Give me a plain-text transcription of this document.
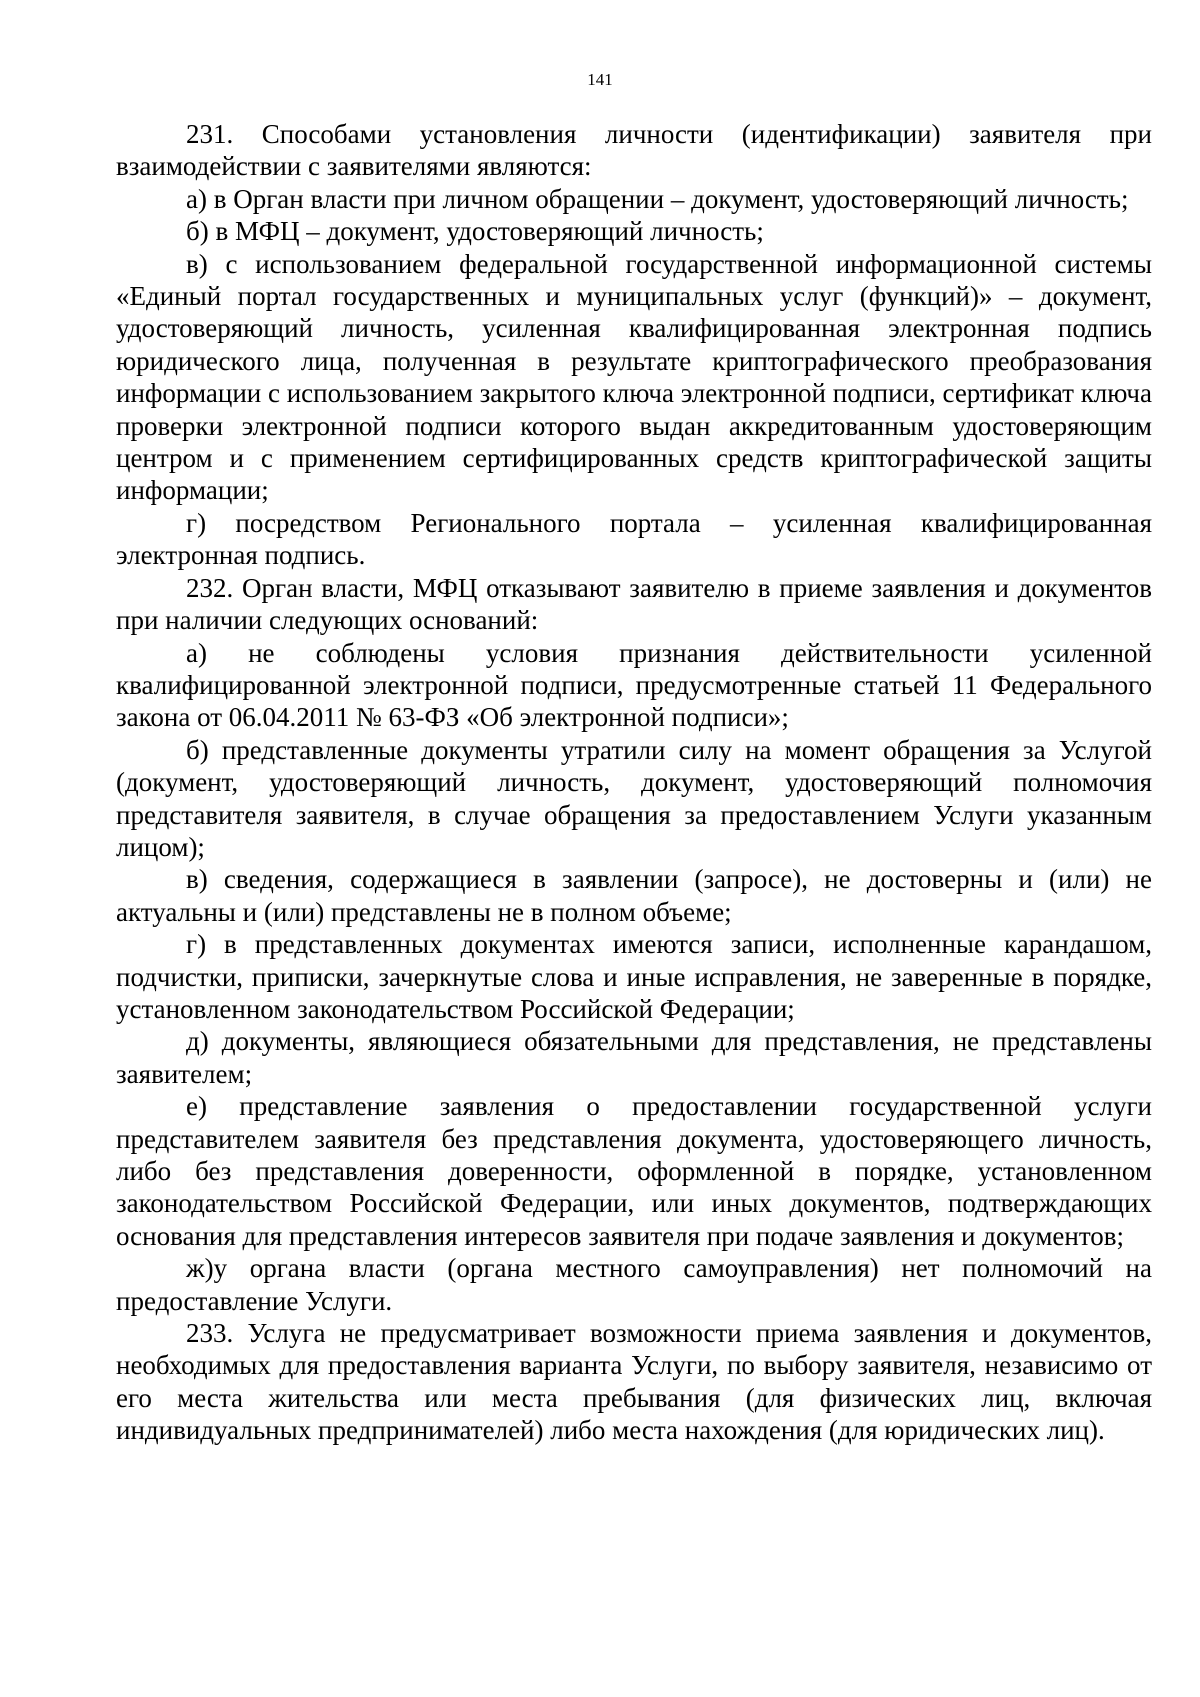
141

231. Способами установления личности (идентификации) заявителя при взаимодействии с заявителями являются:

а) в Орган власти при личном обращении – документ, удостоверяющий личность;

б) в МФЦ – документ, удостоверяющий личность;

в) с использованием федеральной государственной информационной системы «Единый портал государственных и муниципальных услуг (функций)» – документ, удостоверяющий личность, усиленная квалифицированная электронная подпись юридического лица, полученная в результате криптографического преобразования информации с использованием закрытого ключа электронной подписи, сертификат ключа проверки электронной подписи которого выдан аккредитованным удостоверяющим центром и с применением сертифицированных средств криптографической защиты информации;

г) посредством Регионального портала – усиленная квалифицированная электронная подпись.

232. Орган власти, МФЦ отказывают заявителю в приеме заявления и документов при наличии следующих оснований:

а) не соблюдены условия признания действительности усиленной квалифицированной электронной подписи, предусмотренные статьей 11 Федерального закона от 06.04.2011 № 63-ФЗ «Об электронной подписи»;

б) представленные документы утратили силу на момент обращения за Услугой (документ, удостоверяющий личность, документ, удостоверяющий полномочия представителя заявителя, в случае обращения за предоставлением Услуги указанным лицом);

в) сведения, содержащиеся в заявлении (запросе), не достоверны и (или) не актуальны и (или) представлены не в полном объеме;

г) в представленных документах имеются записи, исполненные карандашом, подчистки, приписки, зачеркнутые слова и иные исправления, не заверенные в порядке, установленном законодательством Российской Федерации;

д) документы, являющиеся обязательными для представления, не представлены заявителем;

е) представление заявления о предоставлении государственной услуги представителем заявителя без представления документа, удостоверяющего личность, либо без представления доверенности, оформленной в порядке, установленном законодательством Российской Федерации, или иных документов, подтверждающих основания для представления интересов заявителя при подаче заявления и документов;

ж)у органа власти (органа местного самоуправления) нет полномочий на предоставление Услуги.

233. Услуга не предусматривает возможности приема заявления и документов, необходимых для предоставления варианта Услуги, по выбору заявителя, независимо от его места жительства или места пребывания (для физических лиц, включая индивидуальных предпринимателей) либо места нахождения (для юридических лиц).
